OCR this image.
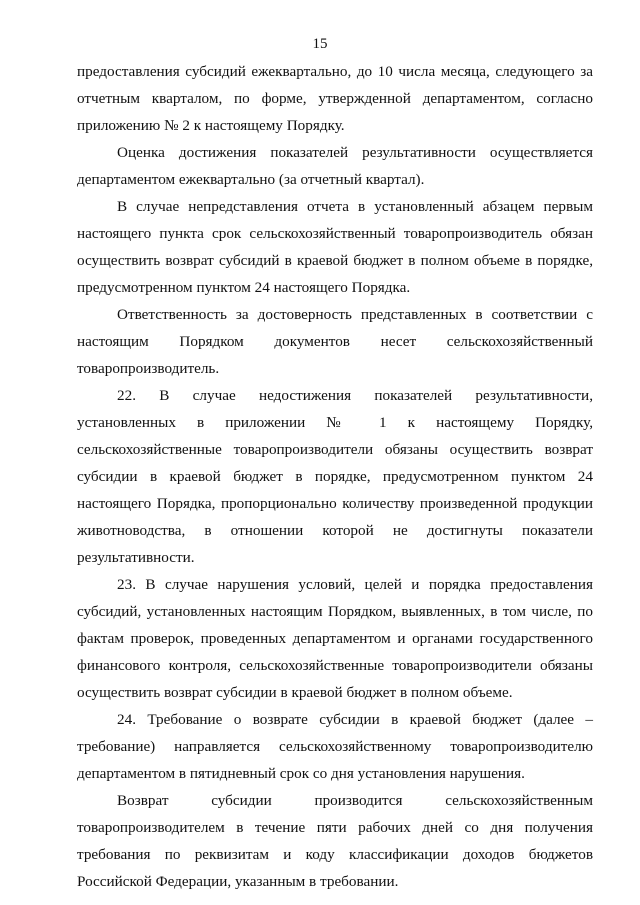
15

предоставления субсидий ежеквартально, до 10 числа месяца, следующего за отчетным кварталом, по форме, утвержденной департаментом, согласно приложению № 2 к настоящему Порядку.

Оценка достижения показателей результативности осуществляется департаментом ежеквартально (за отчетный квартал).

В случае непредставления отчета в установленный абзацем первым настоящего пункта срок сельскохозяйственный товаропроизводитель обязан осуществить возврат субсидий в краевой бюджет в полном объеме в порядке, предусмотренном пунктом 24 настоящего Порядка.

Ответственность за достоверность представленных в соответствии с настоящим Порядком документов несет сельскохозяйственный товаропроизводитель.

22. В случае недостижения показателей результативности, установленных в приложении № 1 к настоящему Порядку, сельскохозяйственные товаропроизводители обязаны осуществить возврат субсидии в краевой бюджет в порядке, предусмотренном пунктом 24 настоящего Порядка, пропорционально количеству произведенной продукции животноводства, в отношении которой не достигнуты показатели результативности.

23. В случае нарушения условий, целей и порядка предоставления субсидий, установленных настоящим Порядком, выявленных, в том числе, по фактам проверок, проведенных департаментом и органами государственного финансового контроля, сельскохозяйственные товаропроизводители обязаны осуществить возврат субсидии в краевой бюджет в полном объеме.

24. Требование о возврате субсидии в краевой бюджет (далее – требование) направляется сельскохозяйственному товаропроизводителю департаментом в пятидневный срок со дня установления нарушения.

Возврат субсидии производится сельскохозяйственным товаропроизводителем в течение пяти рабочих дней со дня получения требования по реквизитам и коду классификации доходов бюджетов Российской Федерации, указанным в требовании.
